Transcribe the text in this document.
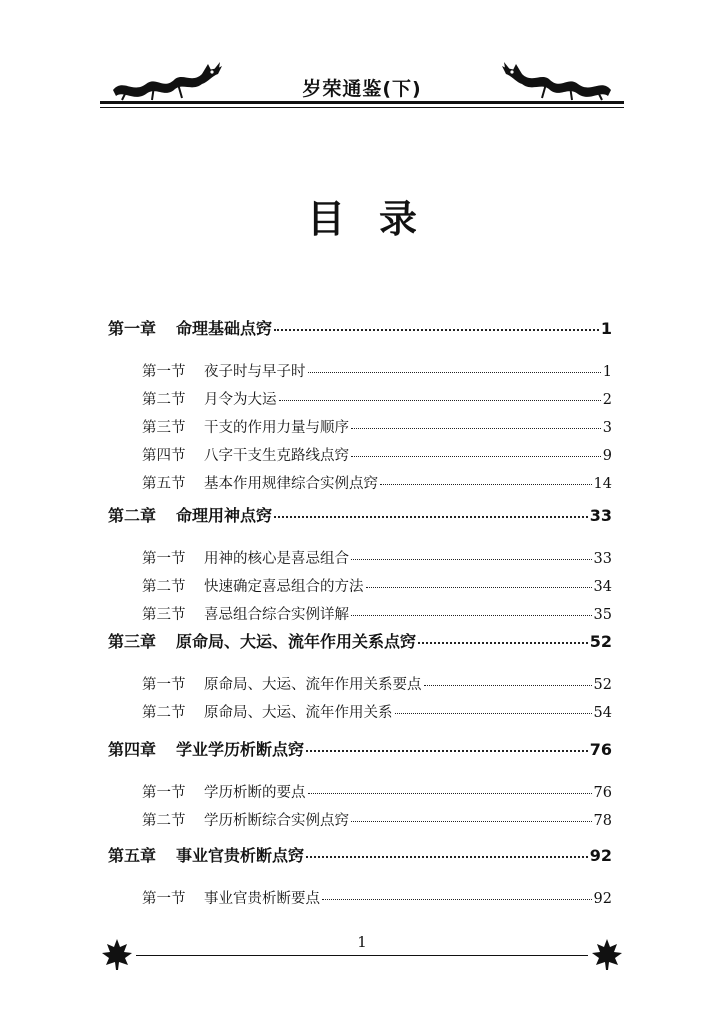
岁荣通鉴(下)
目录
第一章 命理基础点窍	1
第一节 夜子时与早子时	1
第二节 月令为大运	2
第三节 干支的作用力量与顺序	3
第四节 八字干支生克路线点窍	9
第五节 基本作用规律综合实例点窍	14
第二章 命理用神点窍	33
第一节 用神的核心是喜忌组合	33
第二节 快速确定喜忌组合的方法	34
第三节 喜忌组合综合实例详解	35
第三章 原命局、大运、流年作用关系点窍	52
第一节 原命局、大运、流年作用关系要点	52
第二节 原命局、大运、流年作用关系	54
第四章 学业学历析断点窍	76
第一节 学历析断的要点	76
第二节 学历析断综合实例点窍	78
第五章 事业官贵析断点窍	92
第一节 事业官贵析断要点	92
1
